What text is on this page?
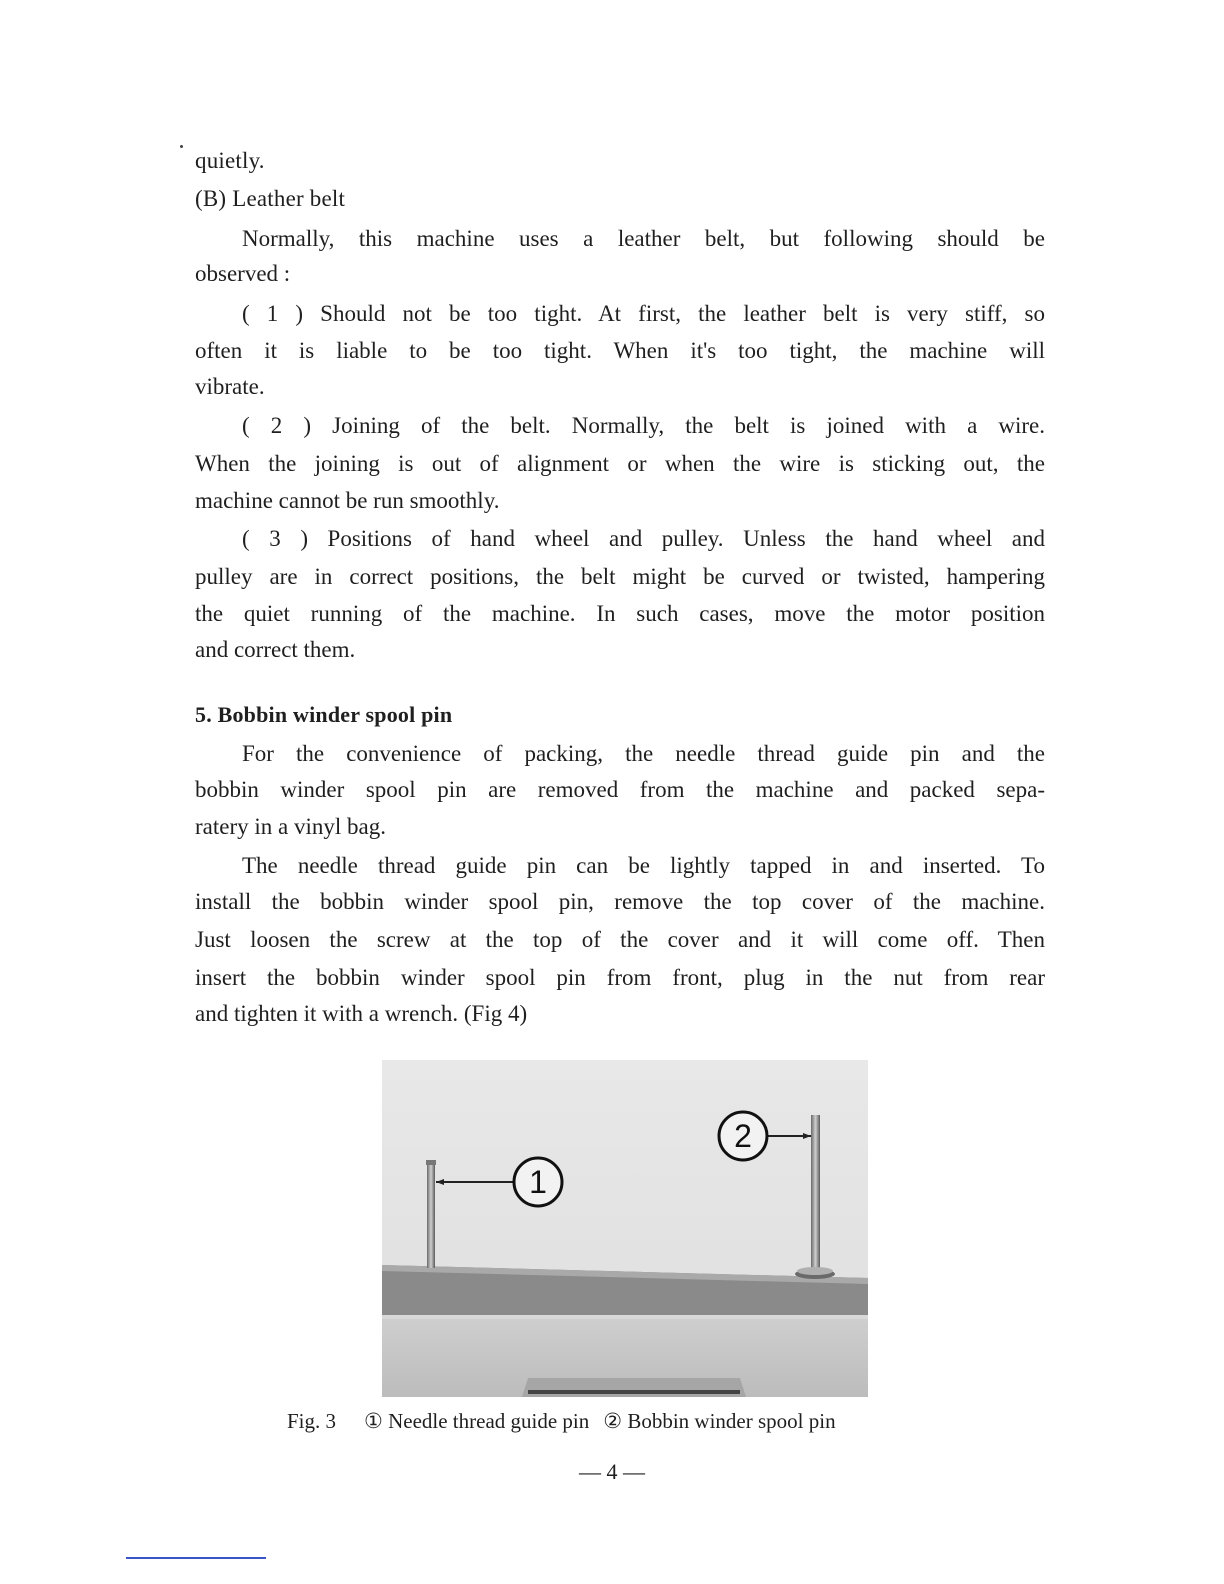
quietly.
(B) Leather belt
Normally, this machine uses a leather belt, but following should be
observed :
( 1 ) Should not be too tight. At first, the leather belt is very stiff, so
often it is liable to be too tight. When it's too tight, the machine will
vibrate.
( 2 ) Joining of the belt. Normally, the belt is joined with a wire.
When the joining is out of alignment or when the wire is sticking out, the
machine cannot be run smoothly.
( 3 ) Positions of hand wheel and pulley. Unless the hand wheel and
pulley are in correct positions, the belt might be curved or twisted, hampering
the quiet running of the machine. In such cases, move the motor position
and correct them.
5. Bobbin winder spool pin
For the convenience of packing, the needle thread guide pin and the
bobbin winder spool pin are removed from the machine and packed sepa-
ratery in a vinyl bag.
The needle thread guide pin can be lightly tapped in and inserted. To
install the bobbin winder spool pin, remove the top cover of the machine.
Just loosen the screw at the top of the cover and it will come off. Then
insert the bobbin winder spool pin from front, plug in the nut from rear
and tighten it with a wrench. (Fig 4)
1
2
Fig. 3 ① Needle thread guide pin ② Bobbin winder spool pin
— 4 —
